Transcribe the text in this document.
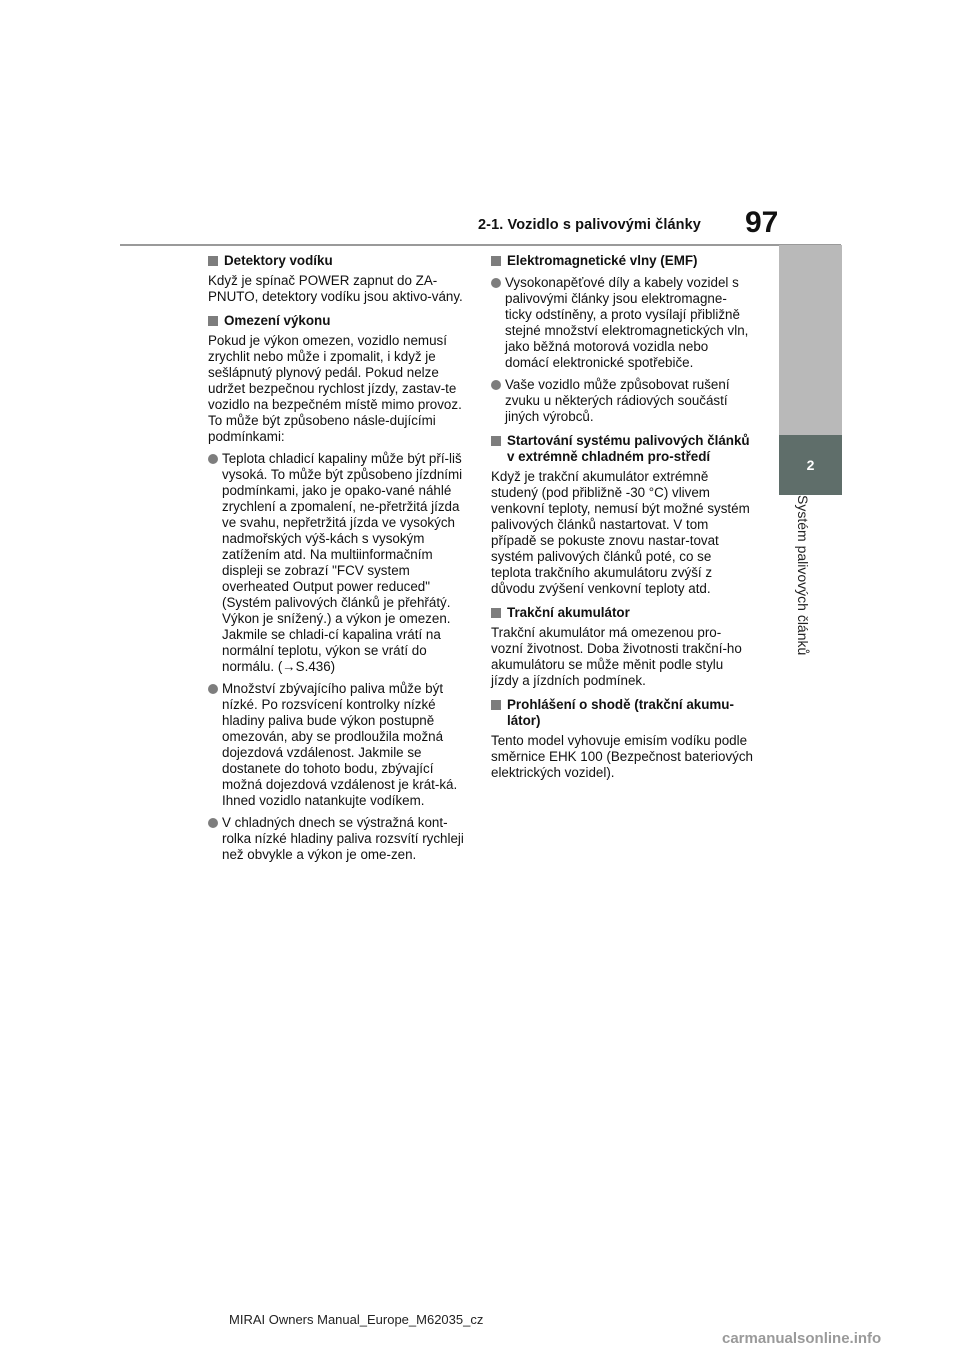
2-1. Vozidlo s palivovými články 97
2
Systém palivových článků
Detektory vodíku
Když je spínač POWER zapnut do ZA-PNUTO, detektory vodíku jsou aktivo-vány.
Omezení výkonu
Pokud je výkon omezen, vozidlo nemusí zrychlit nebo může i zpomalit, i když je sešlápnutý plynový pedál. Pokud nelze udržet bezpečnou rychlost jízdy, zastav-te vozidlo na bezpečném místě mimo provoz. To může být způsobeno násle-dujícími podmínkami:
Teplota chladicí kapaliny může být pří-liš vysoká. To může být způsobeno jízdními podmínkami, jako je opako-vané náhlé zrychlení a zpomalení, ne-přetržitá jízda ve svahu, nepřetržitá jízda ve vysokých nadmořských výš-kách s vysokým zatížením atd. Na multiinformačním displeji se zobrazí "FCV system overheated Output power reduced" (Systém palivových článků je přehřátý. Výkon je snížený.) a výkon je omezen. Jakmile se chladi-cí kapalina vrátí na normální teplotu, výkon se vrátí do normálu. (→S.436)
Množství zbývajícího paliva může být nízké. Po rozsvícení kontrolky nízké hladiny paliva bude výkon postupně omezován, aby se prodloužila možná dojezdová vzdálenost. Jakmile se dostanete do tohoto bodu, zbývající možná dojezdová vzdálenost je krát-ká. Ihned vozidlo natankujte vodíkem.
V chladných dnech se výstražná kont-rolka nízké hladiny paliva rozsvítí rychleji než obvykle a výkon je ome-zen.
Elektromagnetické vlny (EMF)
Vysokonapěťové díly a kabely vozidel s palivovými články jsou elektromagne-ticky odstíněny, a proto vysílají přibližně stejné množství elektromagnetických vln, jako běžná motorová vozidla nebo domácí elektronické spotřebiče.
Vaše vozidlo může způsobovat rušení zvuku u některých rádiových součástí jiných výrobců.
Startování systému palivových článků v extrémně chladném pro-středí
Když je trakční akumulátor extrémně studený (pod přibližně -30 °C) vlivem venkovní teploty, nemusí být možné systém palivových článků nastartovat. V tom případě se pokuste znovu nastar-tovat systém palivových článků poté, co se teplota trakčního akumulátoru zvýší z důvodu zvýšení venkovní teploty atd.
Trakční akumulátor
Trakční akumulátor má omezenou pro-vozní životnost. Doba životnosti trakční-ho akumulátoru se může měnit podle stylu jízdy a jízdních podmínek.
Prohlášení o shodě (trakční akumu-látor)
Tento model vyhovuje emisím vodíku podle směrnice EHK 100 (Bezpečnost bateriových elektrických vozidel).
MIRAI Owners Manual_Europe_M62035_cz
carmanualsonline.info
